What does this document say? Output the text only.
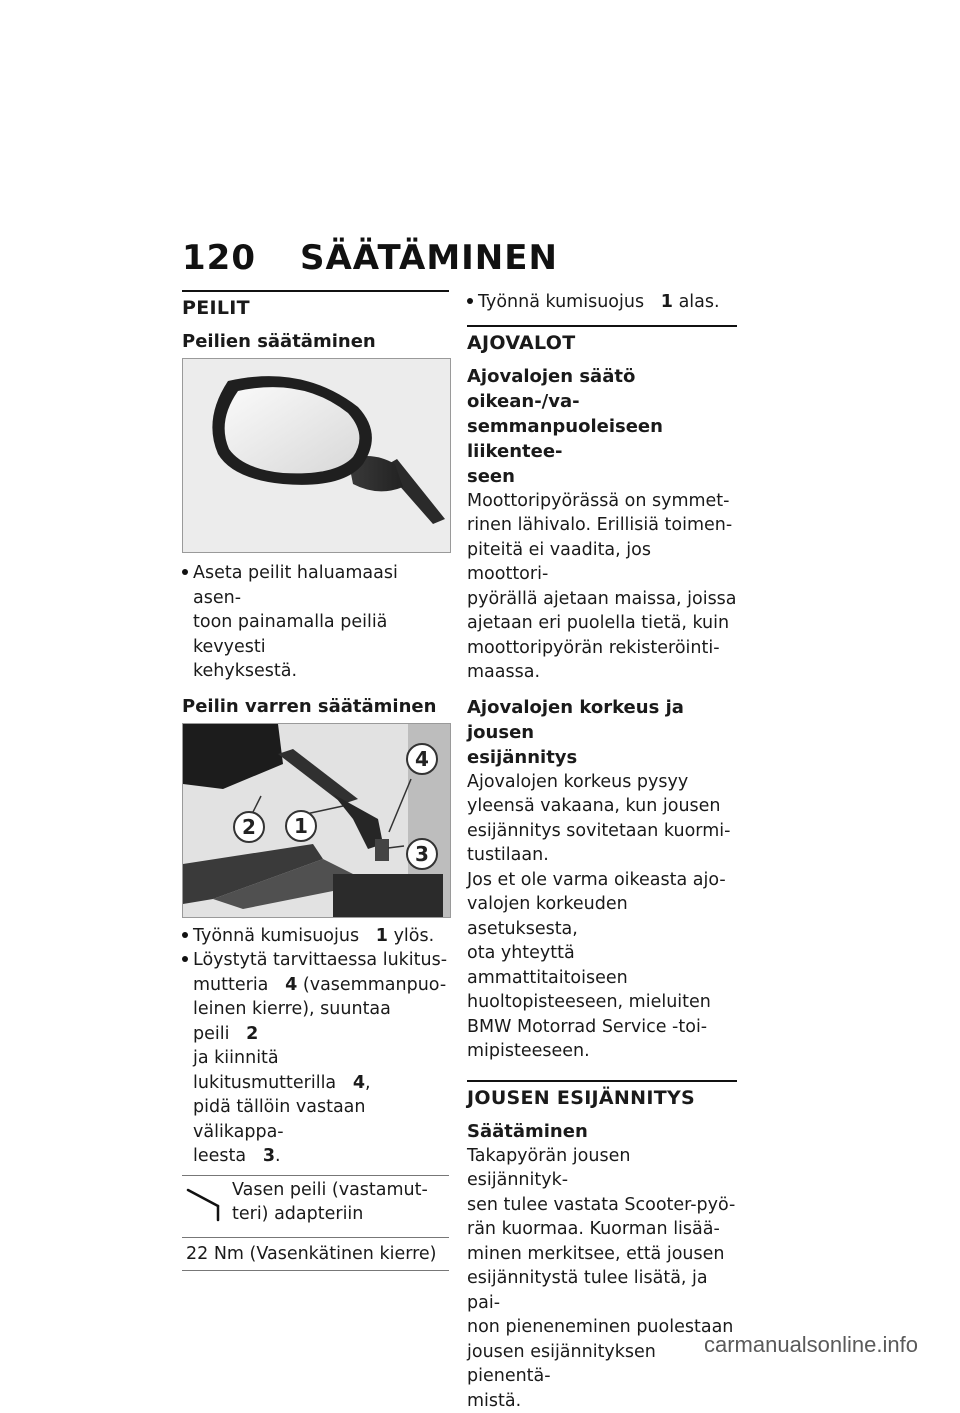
120 SÄÄTÄMINEN
PEILIT
Peilien säätäminen
Aseta peilit haluamaasi asen-
toon painamalla peiliä kevyesti
kehyksestä.
Peilin varren säätäminen
4
2 1
3
Työnnä kumisuojus 1 ylös.
Löystytä tarvittaessa lukitus-
mutteria 4 (vasemmanpuo-
leinen kierre), suuntaa peili 2
ja kiinnitä lukitusmutterilla 4,
pidä tällöin vastaan välikappa-
leesta 3.
Vasen peili (vastamut-
teri) adapteriin
22 Nm (Vasenkätinen kierre)
Työnnä kumisuojus 1 alas.
AJOVALOT
Ajovalojen säätö oikean-/va-
semmanpuoleiseen liikentee-
seen
Moottoripyörässä on symmet-
rinen lähivalo. Erillisiä toimen-
piteitä ei vaadita, jos moottori-
pyörällä ajetaan maissa, joissa
ajetaan eri puolella tietä, kuin
moottoripyörän rekisteröinti-
maassa.
Ajovalojen korkeus ja jousen
esijännitys
Ajovalojen korkeus pysyy
yleensä vakaana, kun jousen
esijännitys sovitetaan kuormi-
tustilaan.
Jos et ole varma oikeasta ajo-
valojen korkeuden asetuksesta,
ota yhteyttä ammattitaitoiseen
huoltopisteeseen, mieluiten
BMW Motorrad Service -toi-
mipisteeseen.
JOUSEN ESIJÄNNITYS
Säätäminen
Takapyörän jousen esijännityk-
sen tulee vastata Scooter-pyö-
rän kuormaa. Kuorman lisää-
minen merkitsee, että jousen
esijännitystä tulee lisätä, ja pai-
non pieneneminen puolestaan
jousen esijännityksen pienentä-
mistä.
carmanualsonline.info
